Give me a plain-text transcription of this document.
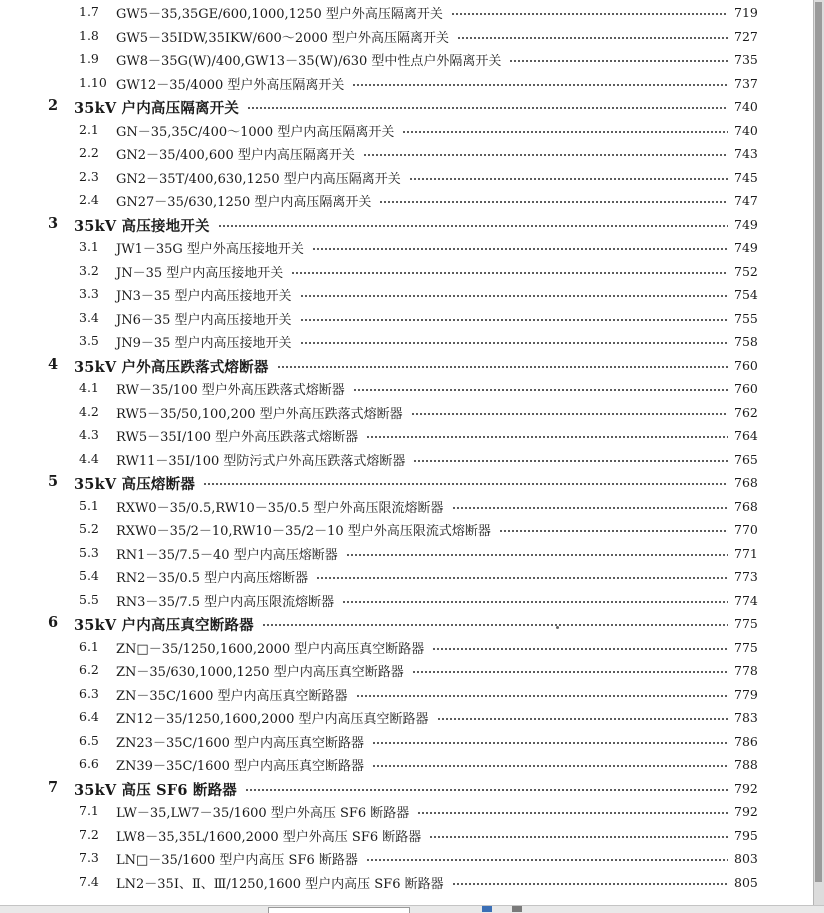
1.7 GW5－35,35GE/600,1000,1250 型户外高压隔离开关	719
1.8 GW5－35ⅠDW,35ⅠKW/600～2000 型户外高压隔离开关	727
1.9 GW8－35G(W)/400,GW13－35(W)/630 型中性点户外隔离开关	735
1.10 GW12－35/4000 型户外高压隔离开关	737
2 35kV 户内高压隔离开关	740
2.1 GN－35,35C/400～1000 型户内高压隔离开关	740
2.2 GN2－35/400,600 型户内高压隔离开关	743
2.3 GN2－35T/400,630,1250 型户内高压隔离开关	745
2.4 GN27－35/630,1250 型户内高压隔离开关	747
3 35kV 高压接地开关	749
3.1 JW1－35G 型户外高压接地开关	749
3.2 JN－35 型户内高压接地开关	752
3.3 JN3－35 型户内高压接地开关	754
3.4 JN6－35 型户内高压接地开关	755
3.5 JN9－35 型户内高压接地开关	758
4 35kV 户外高压跌落式熔断器	760
4.1 RW－35/100 型户外高压跌落式熔断器	760
4.2 RW5－35/50,100,200 型户外高压跌落式熔断器	762
4.3 RW5－35Ⅰ/100 型户外高压跌落式熔断器	764
4.4 RW11－35Ⅰ/100 型防污式户外高压跌落式熔断器	765
5 35kV 高压熔断器	768
5.1 RXW0－35/0.5,RW10－35/0.5 型户外高压限流熔断器	768
5.2 RXW0－35/2－10,RW10－35/2－10 型户外高压限流式熔断器	770
5.3 RN1－35/7.5－40 型户内高压熔断器	771
5.4 RN2－35/0.5 型户内高压熔断器	773
5.5 RN3－35/7.5 型户内高压限流熔断器	774
6 35kV 户内高压真空断路器	775
6.1 ZN□－35/1250,1600,2000 型户内高压真空断路器	775
6.2 ZN－35/630,1000,1250 型户内高压真空断路器	778
6.3 ZN－35C/1600 型户内高压真空断路器	779
6.4 ZN12－35/1250,1600,2000 型户内高压真空断路器	783
6.5 ZN23－35C/1600 型户内高压真空断路器	786
6.6 ZN39－35C/1600 型户内高压真空断路器	788
7 35kV 高压 SF6 断路器	792
7.1 LW－35,LW7－35/1600 型户外高压 SF6 断路器	792
7.2 LW8－35,35L/1600,2000 型户外高压 SF6 断路器	795
7.3 LN□－35/1600 型户内高压 SF6 断路器	803
7.4 LN2－35Ⅰ、Ⅱ、Ⅲ/1250,1600 型户内高压 SF6 断路器	805
